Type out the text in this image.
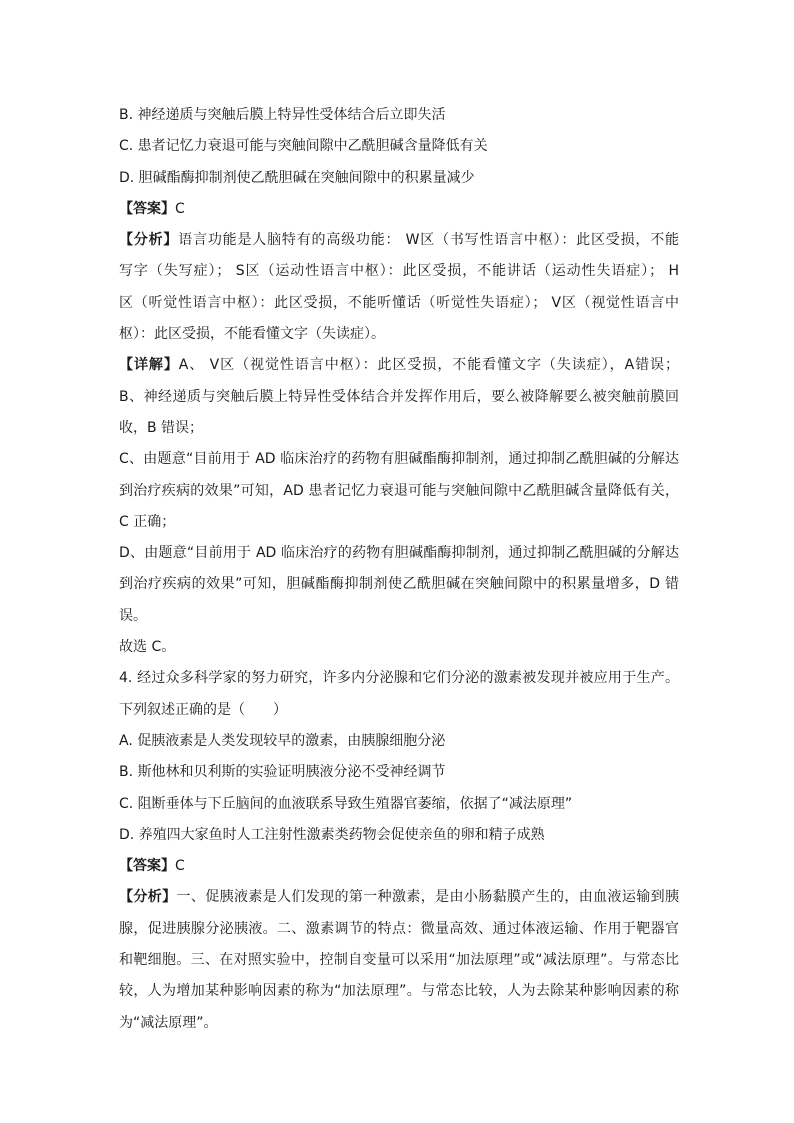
B. 神经递质与突触后膜上特异性受体结合后立即失活
C. 患者记忆力衰退可能与突触间隙中乙酰胆碱含量降低有关
D. 胆碱酯酶抑制剂使乙酰胆碱在突触间隙中的积累量减少
【答案】C
【分析】语言功能是人脑特有的高级功能： W区（书写性语言中枢）：此区受损，不能
写字（失写症）； S区（运动性语言中枢）：此区受损，不能讲话（运动性失语症）； H
区（听觉性语言中枢）：此区受损，不能听懂话（听觉性失语症）； V区（视觉性语言中
枢）：此区受损，不能看懂文字（失读症）。
【详解】A、 V区（视觉性语言中枢）：此区受损，不能看懂文字（失读症），A错误；
B、神经递质与突触后膜上特异性受体结合并发挥作用后，要么被降解要么被突触前膜回
收，B 错误；
C、由题意“目前用于 AD 临床治疗的药物有胆碱酯酶抑制剂，通过抑制乙酰胆碱的分解达
到治疗疾病的效果”可知，AD 患者记忆力衰退可能与突触间隙中乙酰胆碱含量降低有关，
C 正确；
D、由题意“目前用于 AD 临床治疗的药物有胆碱酯酶抑制剂，通过抑制乙酰胆碱的分解达
到治疗疾病的效果”可知，胆碱酯酶抑制剂使乙酰胆碱在突触间隙中的积累量增多，D 错
误。
故选 C。
4. 经过众多科学家的努力研究，许多内分泌腺和它们分泌的激素被发现并被应用于生产。
下列叙述正确的是（　　）
A. 促胰液素是人类发现较早的激素，由胰腺细胞分泌
B. 斯他林和贝利斯的实验证明胰液分泌不受神经调节
C. 阻断垂体与下丘脑间的血液联系导致生殖器官萎缩，依据了“减法原理”
D. 养殖四大家鱼时人工注射性激素类药物会促使亲鱼的卵和精子成熟
【答案】C
【分析】一、促胰液素是人们发现的第一种激素，是由小肠黏膜产生的，由血液运输到胰
腺，促进胰腺分泌胰液。二、激素调节的特点：微量高效、通过体液运输、作用于靶器官
和靶细胞。三、在对照实验中，控制自变量可以采用“加法原理”或“减法原理”。与常态比
较，人为增加某种影响因素的称为“加法原理”。与常态比较，人为去除某种影响因素的称
为“减法原理”。
